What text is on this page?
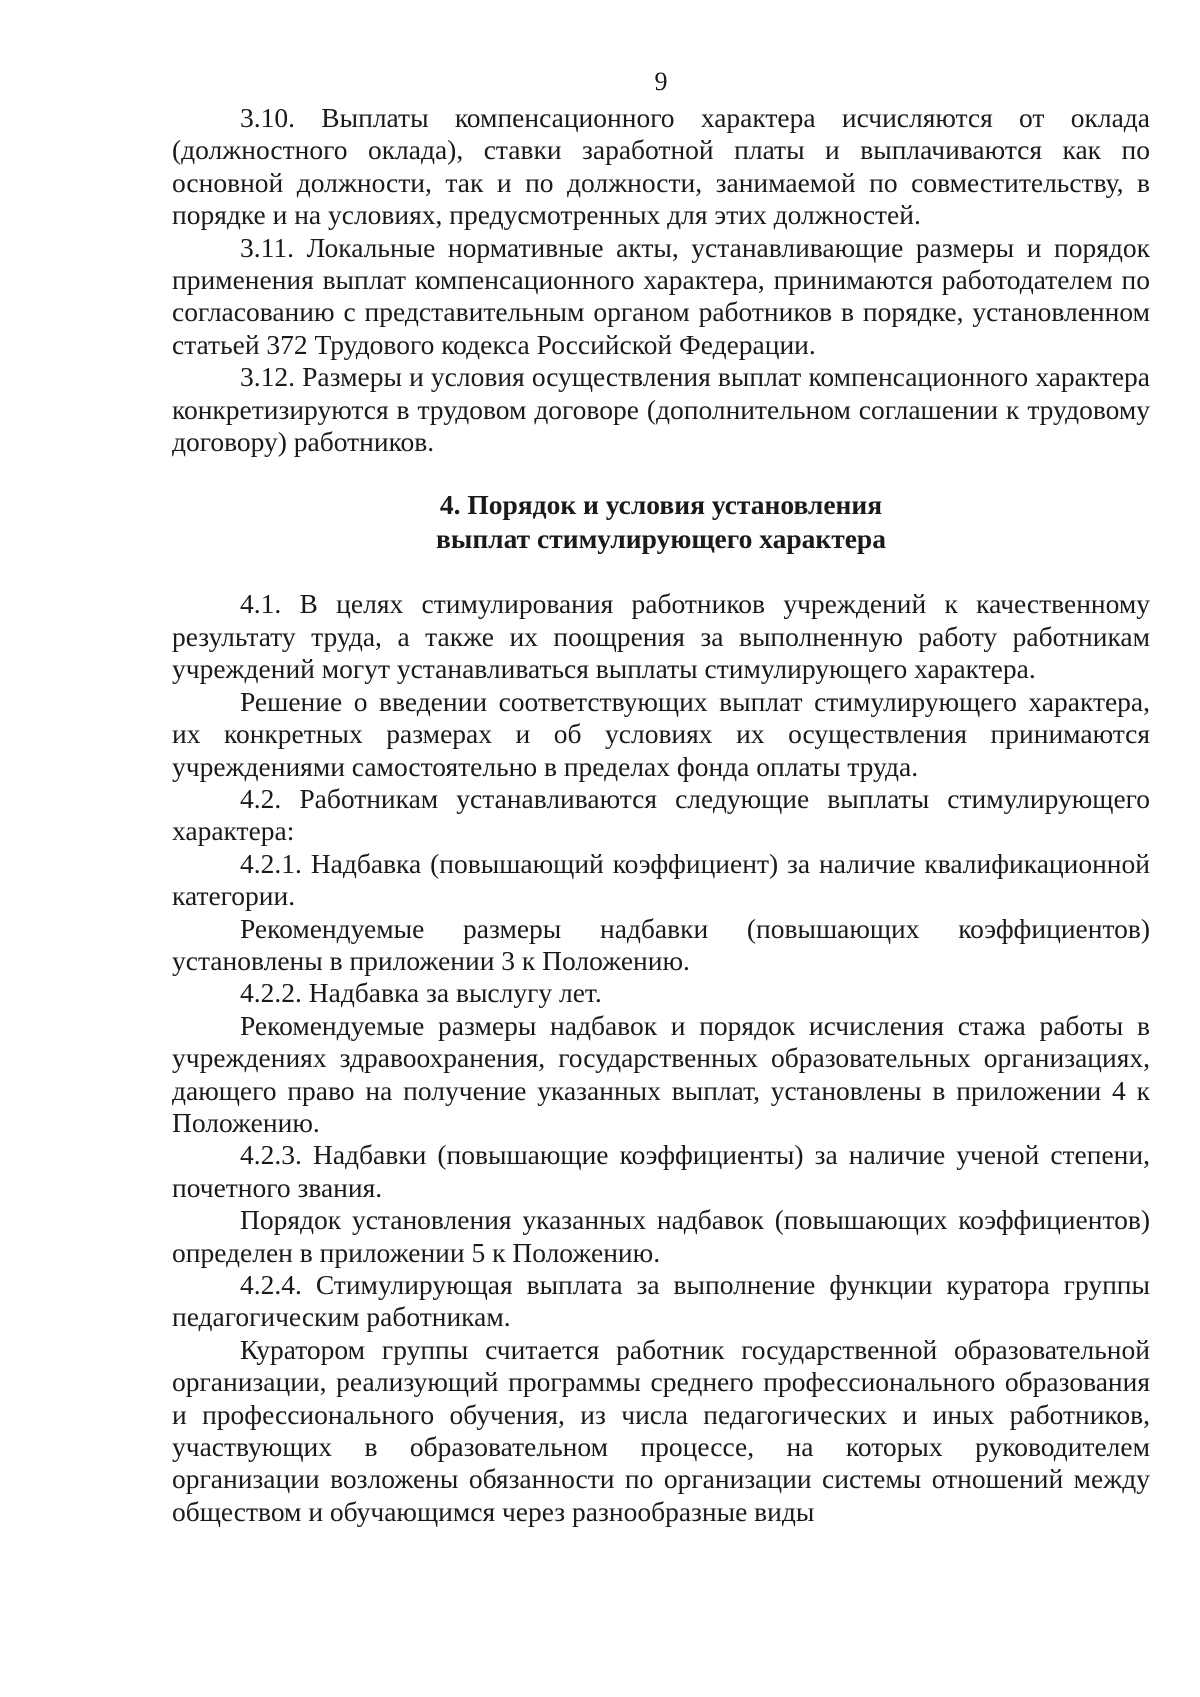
9

3.10. Выплаты компенсационного характера исчисляются от оклада (должностного оклада), ставки заработной платы и выплачиваются как по основной должности, так и по должности, занимаемой по совместительству, в порядке и на условиях, предусмотренных для этих должностей.

3.11. Локальные нормативные акты, устанавливающие размеры и порядок применения выплат компенсационного характера, принимаются работодателем по согласованию с представительным органом работников в порядке, установленном статьей 372 Трудового кодекса Российской Федерации.

3.12. Размеры и условия осуществления выплат компенсационного характера конкретизируются в трудовом договоре (дополнительном соглашении к трудовому договору) работников.

4. Порядок и условия установления
выплат стимулирующего характера

4.1. В целях стимулирования работников учреждений к качественному результату труда, а также их поощрения за выполненную работу работникам учреждений могут устанавливаться выплаты стимулирующего характера.

Решение о введении соответствующих выплат стимулирующего характера, их конкретных размерах и об условиях их осуществления принимаются учреждениями самостоятельно в пределах фонда оплаты труда.

4.2. Работникам устанавливаются следующие выплаты стимулирующего характера:

4.2.1. Надбавка (повышающий коэффициент) за наличие квалификационной категории.

Рекомендуемые размеры надбавки (повышающих коэффициентов) установлены в приложении 3 к Положению.

4.2.2. Надбавка за выслугу лет.

Рекомендуемые размеры надбавок и порядок исчисления стажа работы в учреждениях здравоохранения, государственных образовательных организациях, дающего право на получение указанных выплат, установлены в приложении 4 к Положению.

4.2.3. Надбавки (повышающие коэффициенты) за наличие ученой степени, почетного звания.

Порядок установления указанных надбавок (повышающих коэффициентов) определен в приложении 5 к Положению.

4.2.4. Стимулирующая выплата за выполнение функции куратора группы педагогическим работникам.

Куратором группы считается работник государственной образовательной организации, реализующий программы среднего профессионального образования и профессионального обучения, из числа педагогических и иных работников, участвующих в образовательном процессе, на которых руководителем организации возложены обязанности по организации системы отношений между обществом и обучающимся через разнообразные виды
